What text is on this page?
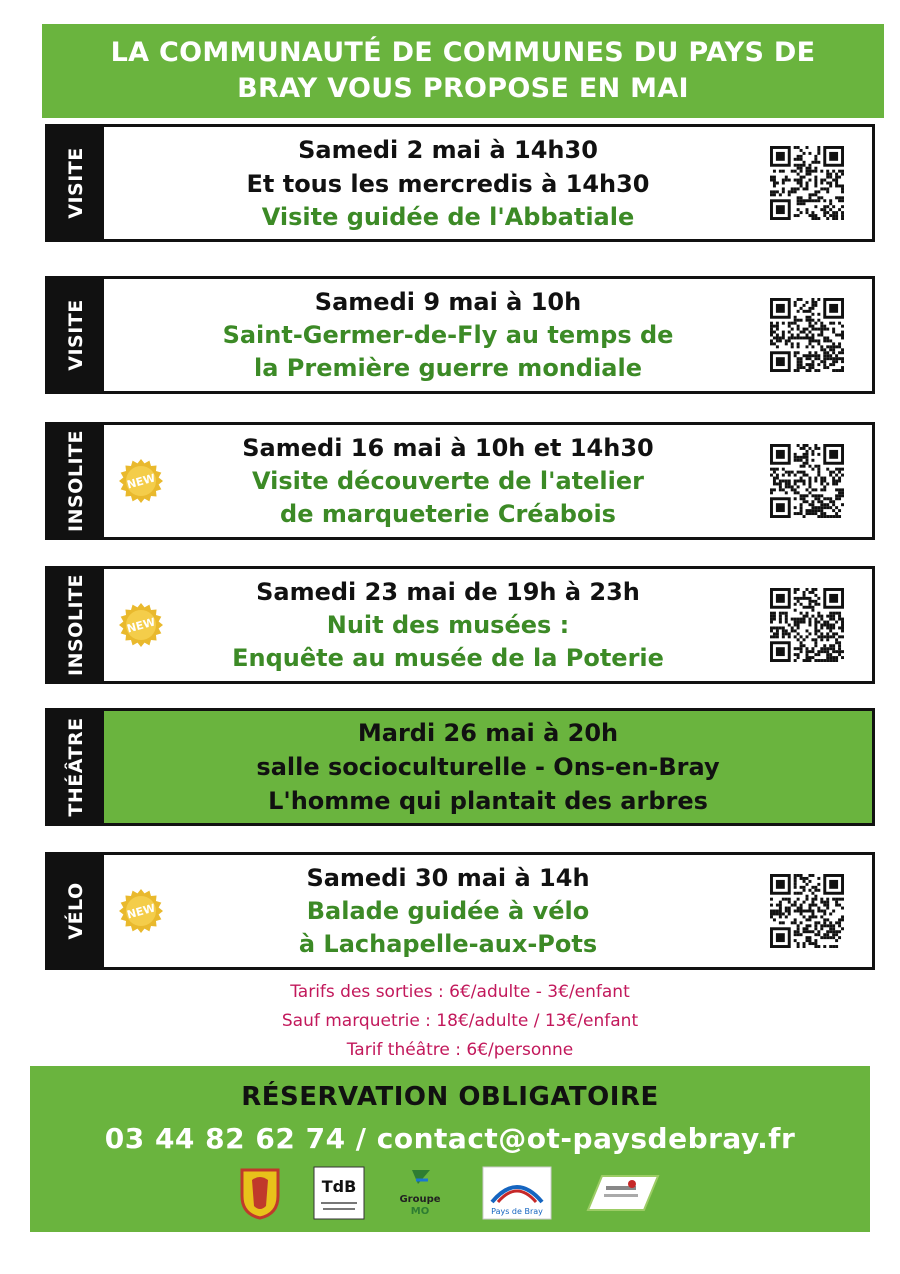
LA COMMUNAUTÉ DE COMMUNES DU PAYS DE
BRAY VOUS PROPOSE EN MAI
VISITE	Samedi 2 mai à 14h30
Et tous les mercredis à 14h30
Visite guidée de l'Abbatiale
VISITE	Samedi 9 mai à 10h
Saint-Germer-de-Fly au temps de
la Première guerre mondiale
INSOLITE	NEW
Samedi 16 mai à 10h et 14h30
Visite découverte de l'atelier
de marqueterie Créabois
INSOLITE	NEW
Samedi 23 mai de 19h à 23h
Nuit des musées :
Enquête au musée de la Poterie
THÉÂTRE	Mardi 26 mai à 20h
salle socioculturelle - Ons-en-Bray
L'homme qui plantait des arbres
VÉLO	NEW
Samedi 30 mai à 14h
Balade guidée à vélo
à Lachapelle-aux-Pots
Tarifs des sorties : 6€/adulte - 3€/enfant
Sauf marquetrie : 18€/adulte / 13€/enfant
Tarif théâtre : 6€/personne
RÉSERVATION OBLIGATOIRE
03 44 82 62 74 / contact@ot-paysdebray.fr
TdB
Groupe
MO	Pays de Bray
